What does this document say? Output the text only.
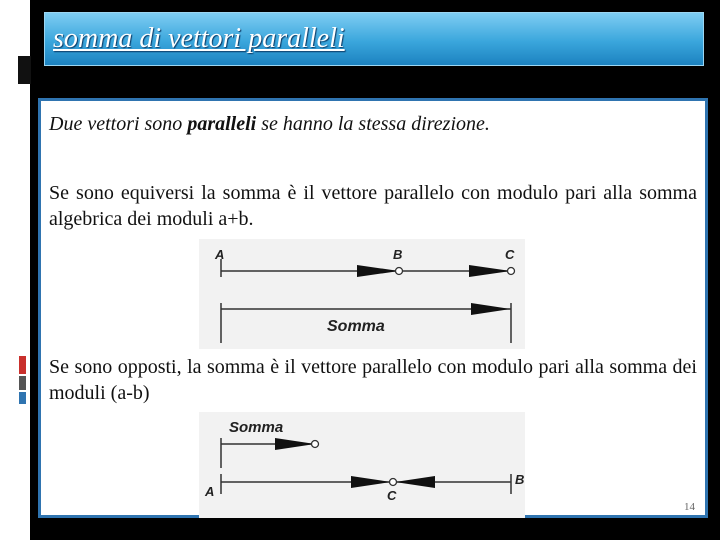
somma di vettori paralleli

Due vettori sono paralleli se hanno la stessa direzione.

Se sono equiversi la somma è il vettore parallelo con modulo pari alla somma algebrica dei moduli a+b.

A	B	C
Somma

Se sono opposti, la somma è il vettore parallelo con modulo pari alla somma dei moduli (a-b)

Somma
A	C
B
14
